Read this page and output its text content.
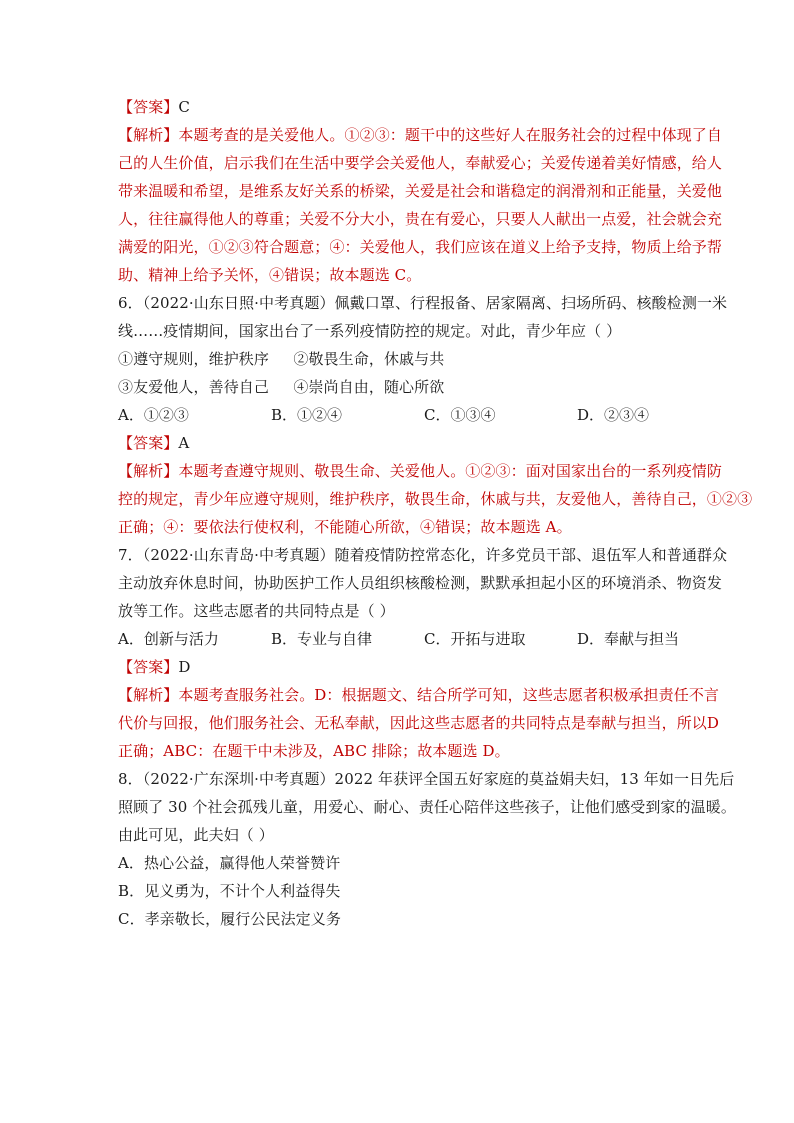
【答案】C

【解析】本题考查的是关爱他人。①②③：题干中的这些好人在服务社会的过程中体现了自

己的人生价值，启示我们在生活中要学会关爱他人，奉献爱心；关爱传递着美好情感，给人

带来温暖和希望，是维系友好关系的桥梁，关爱是社会和谐稳定的润滑剂和正能量，关爱他

人，往往赢得他人的尊重；关爱不分大小，贵在有爱心，只要人人献出一点爱，社会就会充

满爱的阳光，①②③符合题意；④：关爱他人，我们应该在道义上给予支持，物质上给予帮

助、精神上给予关怀，④错误；故本题选 C。

6．（2022·山东日照·中考真题）佩戴口罩、行程报备、居家隔离、扫场所码、核酸检测一米

线……疫情期间，国家出台了一系列疫情防控的规定。对此，青少年应（ ）

①遵守规则，维护秩序     ②敬畏生命，休戚与共

③友爱他人，善待自己     ④崇尚自由，随心所欲

A．①②③	B．①②④	C．①③④	D．②③④

【答案】A

【解析】本题考查遵守规则、敬畏生命、关爱他人。①②③：面对国家出台的一系列疫情防

控的规定，青少年应遵守规则，维护秩序，敬畏生命，休戚与共，友爱他人，善待自己，①②③

正确；④：要依法行使权利，不能随心所欲，④错误；故本题选 A。

7．（2022·山东青岛·中考真题）随着疫情防控常态化，许多党员干部、退伍军人和普通群众

主动放弃休息时间，协助医护工作人员组织核酸检测，默默承担起小区的环境消杀、物资发

放等工作。这些志愿者的共同特点是（ ）

A．创新与活力	B．专业与自律	C．开拓与进取	D．奉献与担当

【答案】D

【解析】本题考查服务社会。D：根据题文、结合所学可知，这些志愿者积极承担责任不言

代价与回报，他们服务社会、无私奉献，因此这些志愿者的共同特点是奉献与担当，所以D

正确；ABC：在题干中未涉及，ABC 排除；故本题选 D。

8．（2022·广东深圳·中考真题）2022 年获评全国五好家庭的莫益娟夫妇，13 年如一日先后

照顾了 30 个社会孤残儿童，用爱心、耐心、责任心陪伴这些孩子，让他们感受到家的温暖。

由此可见，此夫妇（ ）

A．热心公益，赢得他人荣誉赞许

B．见义勇为，不计个人利益得失

C．孝亲敬长，履行公民法定义务
